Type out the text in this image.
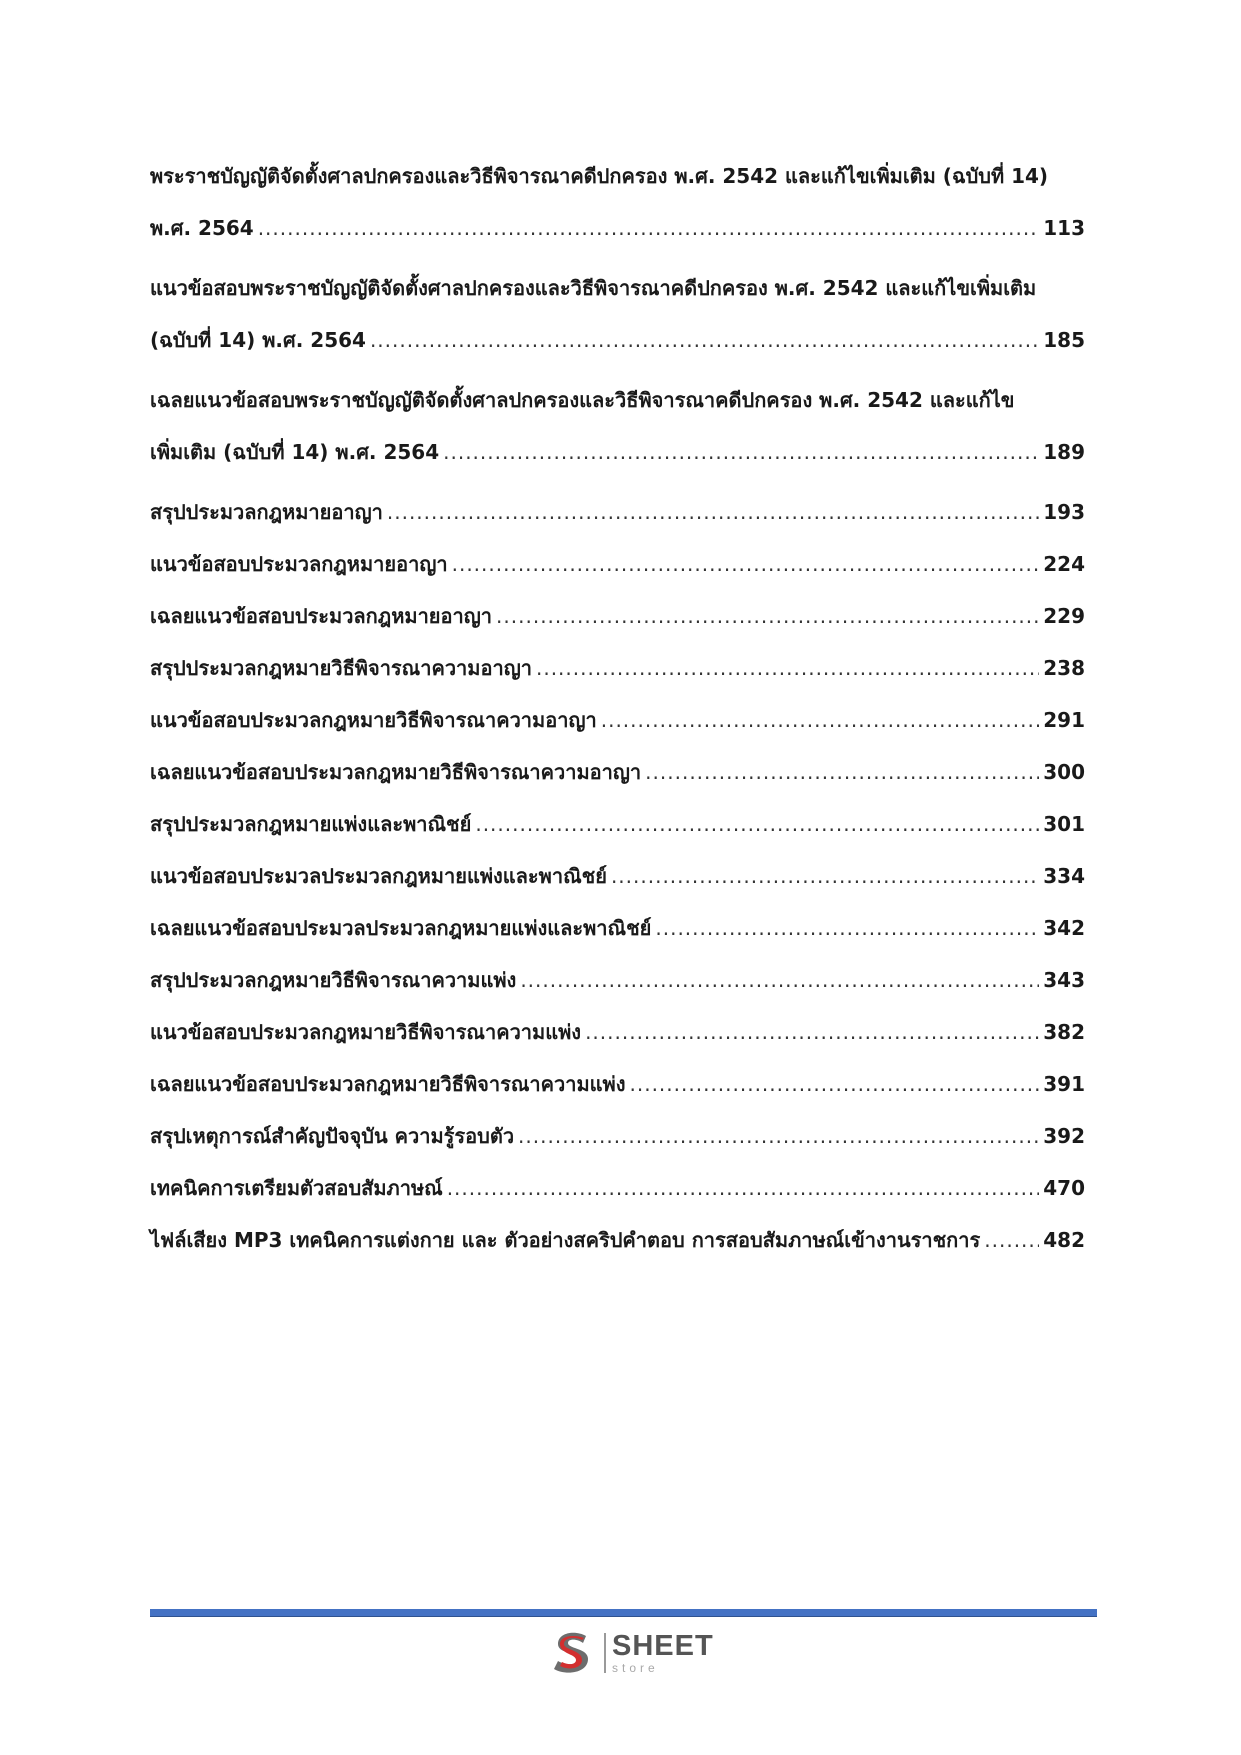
พระราชบัญญัติจัดตั้งศาลปกครองและวิธีพิจารณาคดีปกครอง พ.ศ. 2542 และแก้ไขเพิ่มเติม (ฉบับที่ 14)
พ.ศ. 2564 .....	113
แนวข้อสอบพระราชบัญญัติจัดตั้งศาลปกครองและวิธีพิจารณาคดีปกครอง พ.ศ. 2542 และแก้ไขเพิ่มเติม
(ฉบับที่ 14) พ.ศ. 2564 .....	185
เฉลยแนวข้อสอบพระราชบัญญัติจัดตั้งศาลปกครองและวิธีพิจารณาคดีปกครอง พ.ศ. 2542 และแก้ไข
เพิ่มเติม (ฉบับที่ 14) พ.ศ. 2564 .....	189
สรุปประมวลกฎหมายอาญา .....	193
แนวข้อสอบประมวลกฎหมายอาญา .....	224
เฉลยแนวข้อสอบประมวลกฎหมายอาญา .....	229
สรุปประมวลกฎหมายวิธีพิจารณาความอาญา .....	238
แนวข้อสอบประมวลกฎหมายวิธีพิจารณาความอาญา .....	291
เฉลยแนวข้อสอบประมวลกฎหมายวิธีพิจารณาความอาญา .....	300
สรุปประมวลกฎหมายแพ่งและพาณิชย์ .....	301
แนวข้อสอบประมวลประมวลกฎหมายแพ่งและพาณิชย์ .....	334
เฉลยแนวข้อสอบประมวลประมวลกฎหมายแพ่งและพาณิชย์ .....	342
สรุปประมวลกฎหมายวิธีพิจารณาความแพ่ง .....	343
แนวข้อสอบประมวลกฎหมายวิธีพิจารณาความแพ่ง .....	382
เฉลยแนวข้อสอบประมวลกฎหมายวิธีพิจารณาความแพ่ง .....	391
สรุปเหตุการณ์สำคัญปัจจุบัน ความรู้รอบตัว .....	392
เทคนิคการเตรียมตัวสอบสัมภาษณ์ .....	470
ไฟล์เสียง MP3 เทคนิคการแต่งกาย และ ตัวอย่างสคริปคำตอบ การสอบสัมภาษณ์เข้างานราชการ .....	482
SHEET
store
